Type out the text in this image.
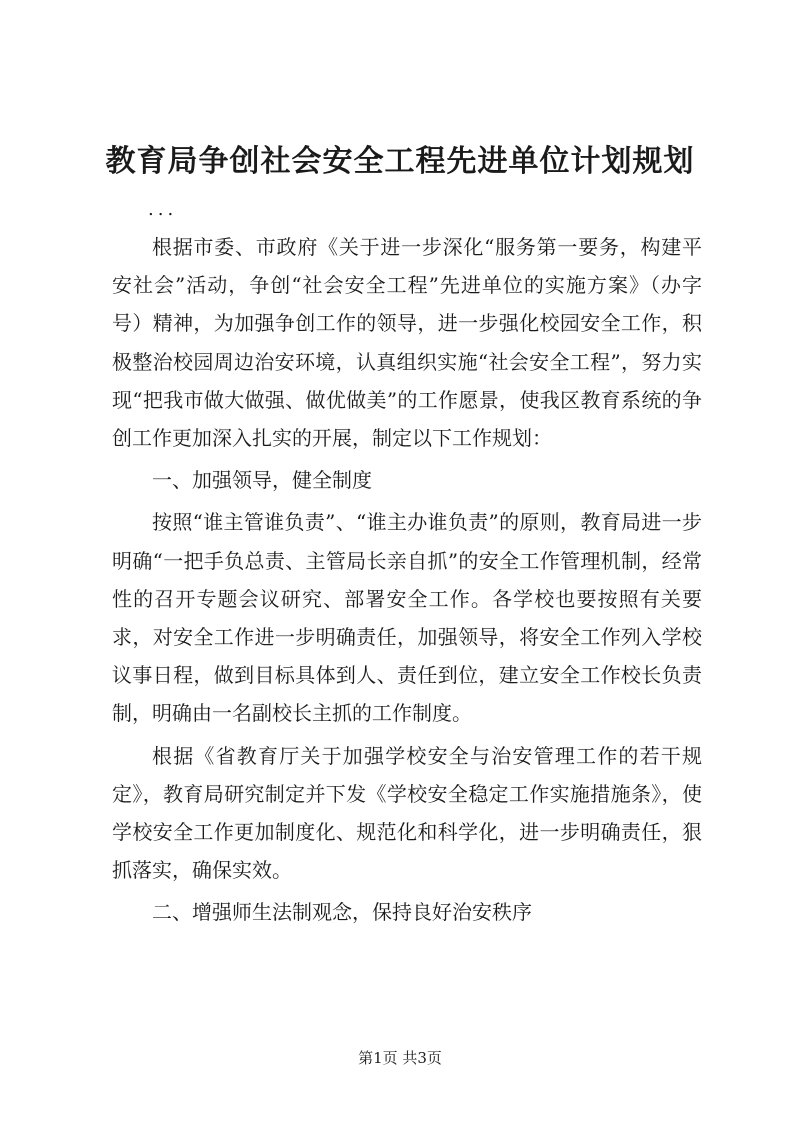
教育局争创社会安全工程先进单位计划规划
...

根据市委、市政府《关于进一步深化“服务第一要务，构建平安社会”活动，争创“社会安全工程”先进单位的实施方案》（办字号）精神，为加强争创工作的领导，进一步强化校园安全工作，积极整治校园周边治安环境，认真组织实施“社会安全工程”，努力实现“把我市做大做强、做优做美”的工作愿景，使我区教育系统的争创工作更加深入扎实的开展，制定以下工作规划：

一、加强领导，健全制度

按照“谁主管谁负责”、“谁主办谁负责”的原则，教育局进一步明确“一把手负总责、主管局长亲自抓”的安全工作管理机制，经常性的召开专题会议研究、部署安全工作。各学校也要按照有关要求，对安全工作进一步明确责任，加强领导，将安全工作列入学校议事日程，做到目标具体到人、责任到位，建立安全工作校长负责制，明确由一名副校长主抓的工作制度。

根据《省教育厅关于加强学校安全与治安管理工作的若干规定》，教育局研究制定并下发《学校安全稳定工作实施措施条》，使学校安全工作更加制度化、规范化和科学化，进一步明确责任，狠抓落实，确保实效。

二、增强师生法制观念，保持良好治安秩序

第1页 共3页
